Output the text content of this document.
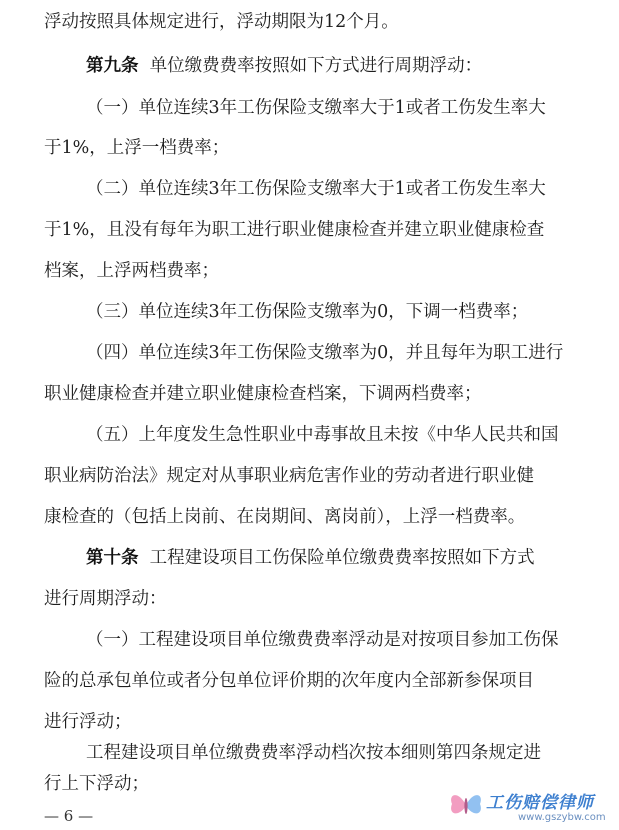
浮动按照具体规定进行，浮动期限为12个月。
第九条 单位缴费费率按照如下方式进行周期浮动：
（一）单位连续3年工伤保险支缴率大于1或者工伤发生率大
于1%，上浮一档费率；
（二）单位连续3年工伤保险支缴率大于1或者工伤发生率大
于1%，且没有每年为职工进行职业健康检查并建立职业健康检查
档案，上浮两档费率；
（三）单位连续3年工伤保险支缴率为0，下调一档费率；
（四）单位连续3年工伤保险支缴率为0，并且每年为职工进行
职业健康检查并建立职业健康检查档案，下调两档费率；
（五）上年度发生急性职业中毒事故且未按《中华人民共和国
职业病防治法》规定对从事职业病危害作业的劳动者进行职业健
康检查的（包括上岗前、在岗期间、离岗前），上浮一档费率。
第十条 工程建设项目工伤保险单位缴费费率按照如下方式
进行周期浮动：
（一）工程建设项目单位缴费费率浮动是对按项目参加工伤保
险的总承包单位或者分包单位评价期的次年度内全部新参保项目
进行浮动；
工程建设项目单位缴费费率浮动档次按本细则第四条规定进
行上下浮动；
— 6 —
工伤赔偿律师
www.gszybw.com
